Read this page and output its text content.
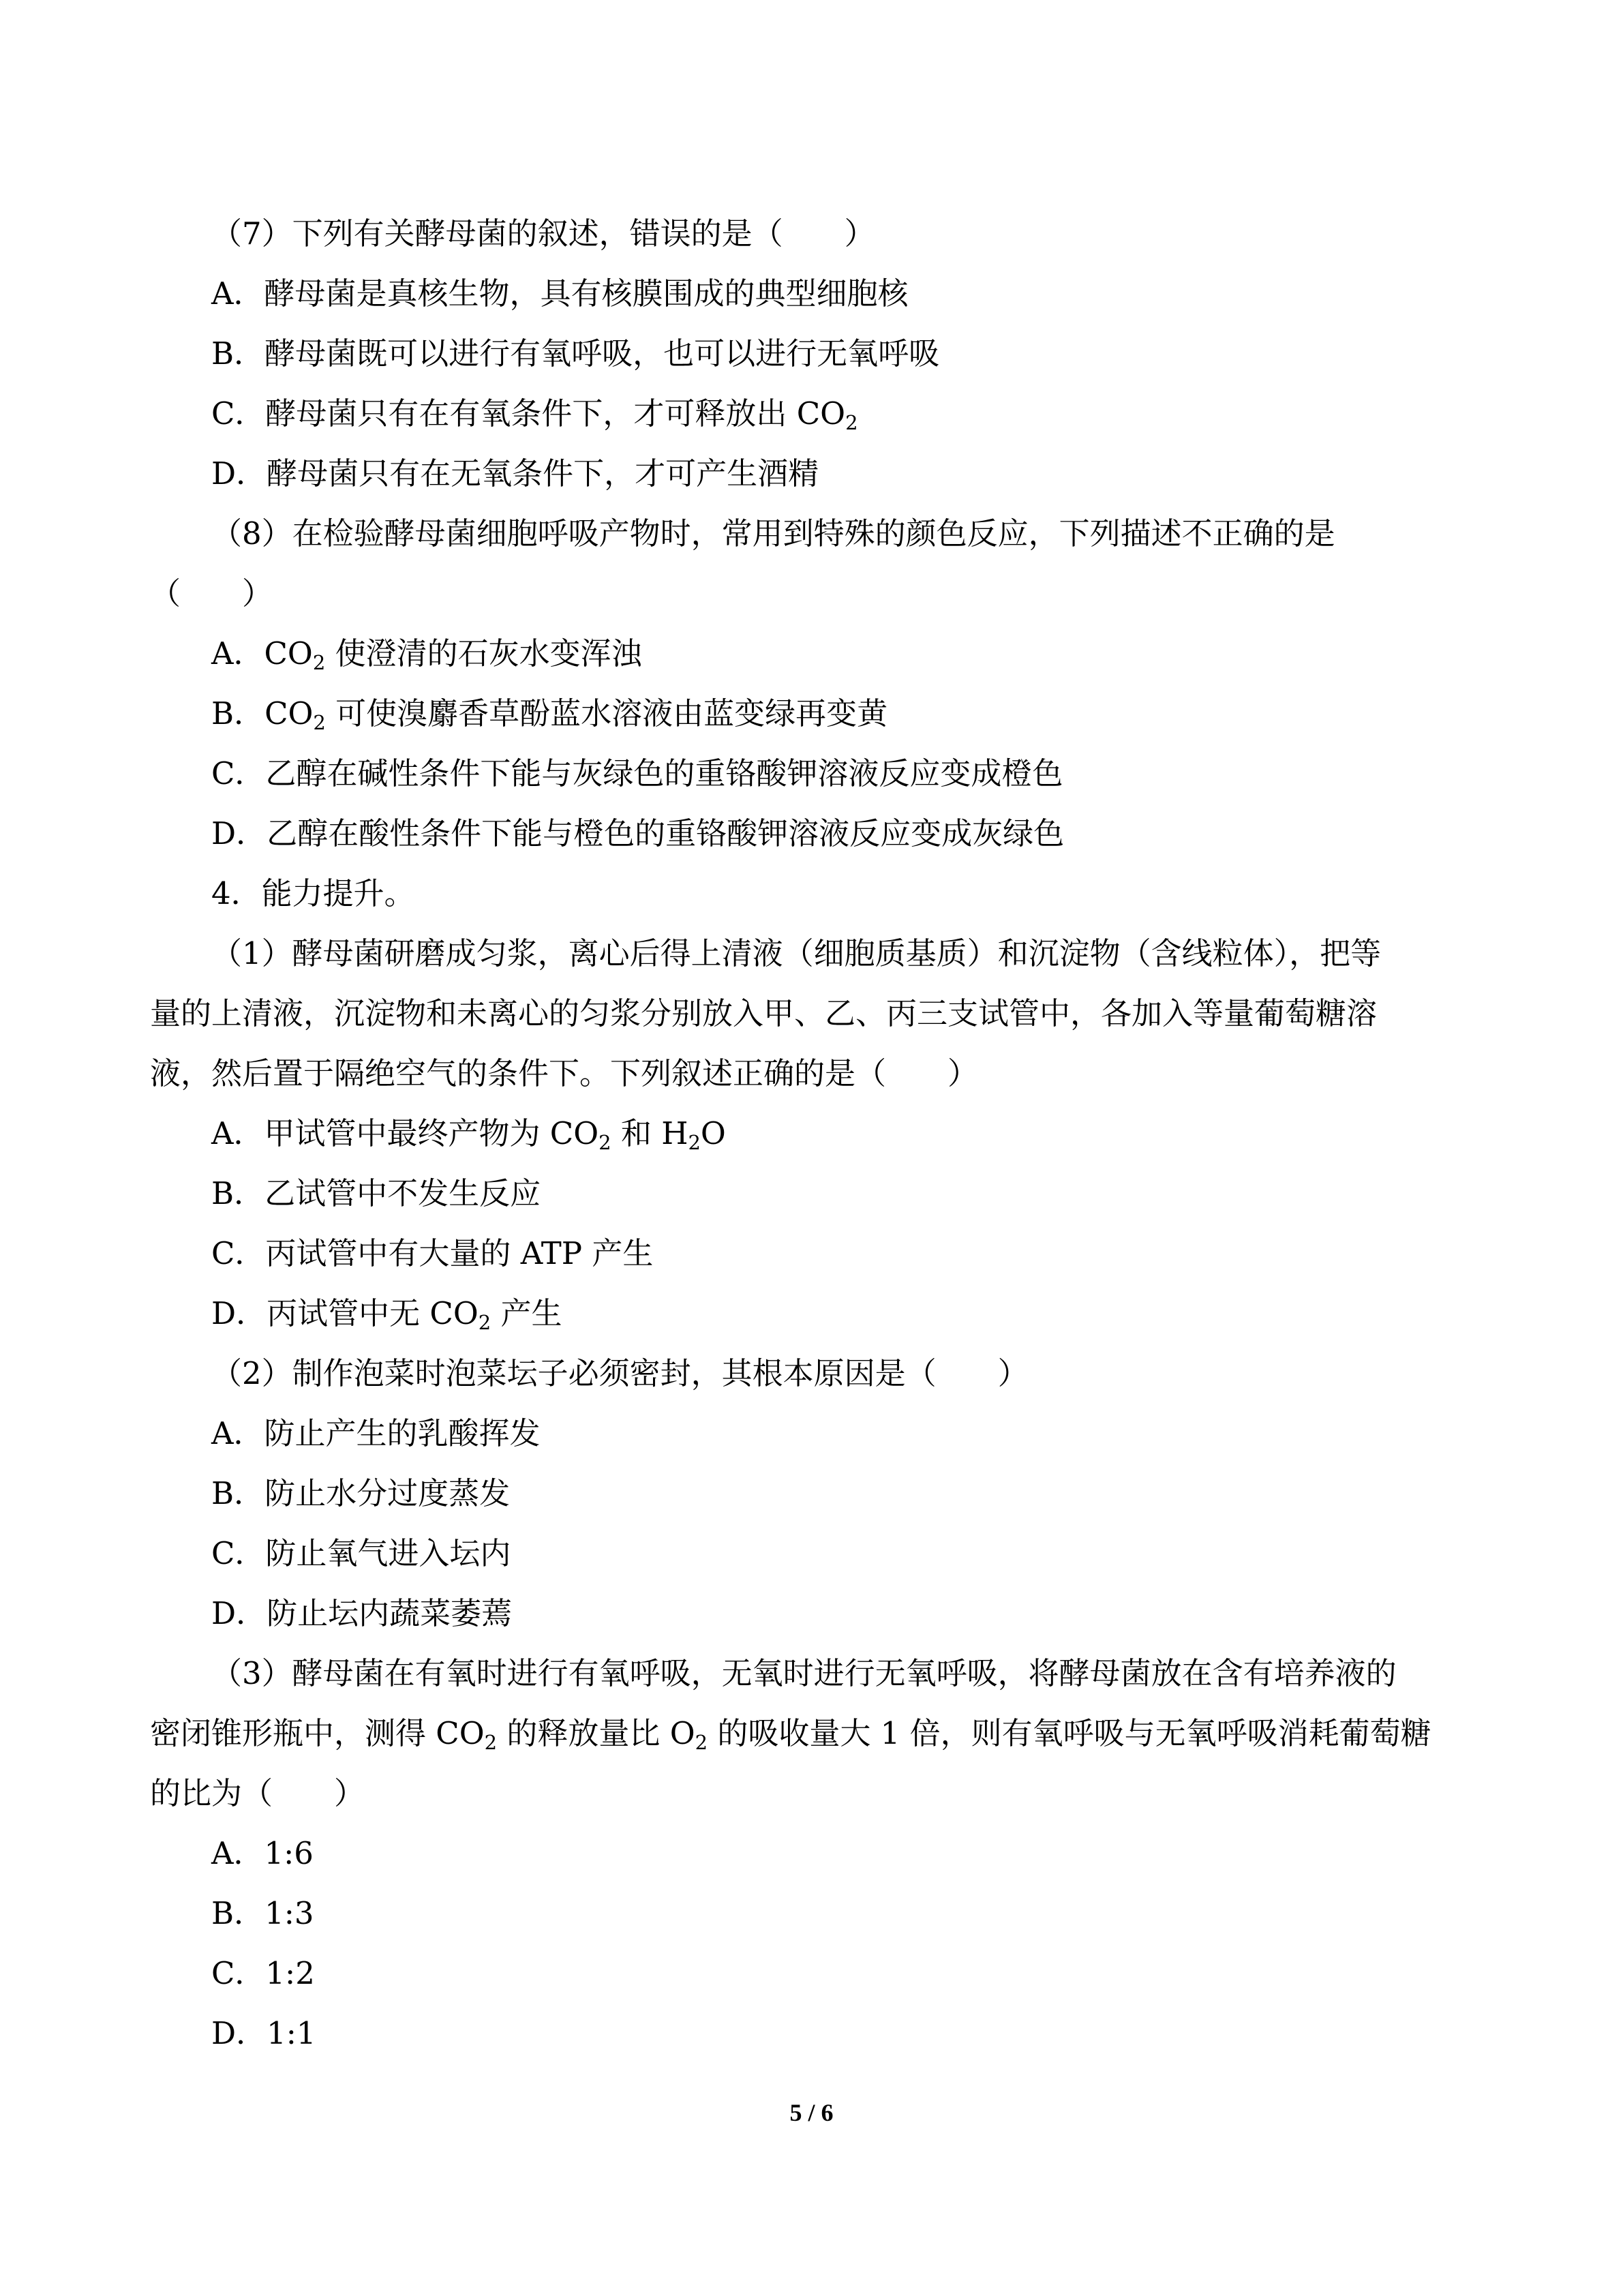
（7）下列有关酵母菌的叙述，错误的是（　　）
A．酵母菌是真核生物，具有核膜围成的典型细胞核
B．酵母菌既可以进行有氧呼吸，也可以进行无氧呼吸
C．酵母菌只有在有氧条件下，才可释放出 $CO_2$
D．酵母菌只有在无氧条件下，才可产生酒精
（8）在检验酵母菌细胞呼吸产物时，常用到特殊的颜色反应，下列描述不正确的是
（　　）
A．$CO_2$ 使澄清的石灰水变浑浊
B．$CO_2$ 可使溴麝香草酚蓝水溶液由蓝变绿再变黄
C．乙醇在碱性条件下能与灰绿色的重铬酸钾溶液反应变成橙色
D．乙醇在酸性条件下能与橙色的重铬酸钾溶液反应变成灰绿色
4．能力提升。
（1）酵母菌研磨成匀浆，离心后得上清液（细胞质基质）和沉淀物（含线粒体），把等
量的上清液，沉淀物和未离心的匀浆分别放入甲、乙、丙三支试管中，各加入等量葡萄糖溶
液，然后置于隔绝空气的条件下。下列叙述正确的是（　　）
A．甲试管中最终产物为 $CO_2$ 和 $H_2O$
B．乙试管中不发生反应
C．丙试管中有大量的 ATP 产生
D．丙试管中无 $CO_2$ 产生
（2）制作泡菜时泡菜坛子必须密封，其根本原因是（　　）
A．防止产生的乳酸挥发
B．防止水分过度蒸发
C．防止氧气进入坛内
D．防止坛内蔬菜萎蔫
（3）酵母菌在有氧时进行有氧呼吸，无氧时进行无氧呼吸，将酵母菌放在含有培养液的
密闭锥形瓶中，测得 $CO_2$ 的释放量比 $O_2$ 的吸收量大 1 倍，则有氧呼吸与无氧呼吸消耗葡萄糖
的比为（　　）
A．1:6
B．1:3
C．1:2
D．1:1
5 / 6
